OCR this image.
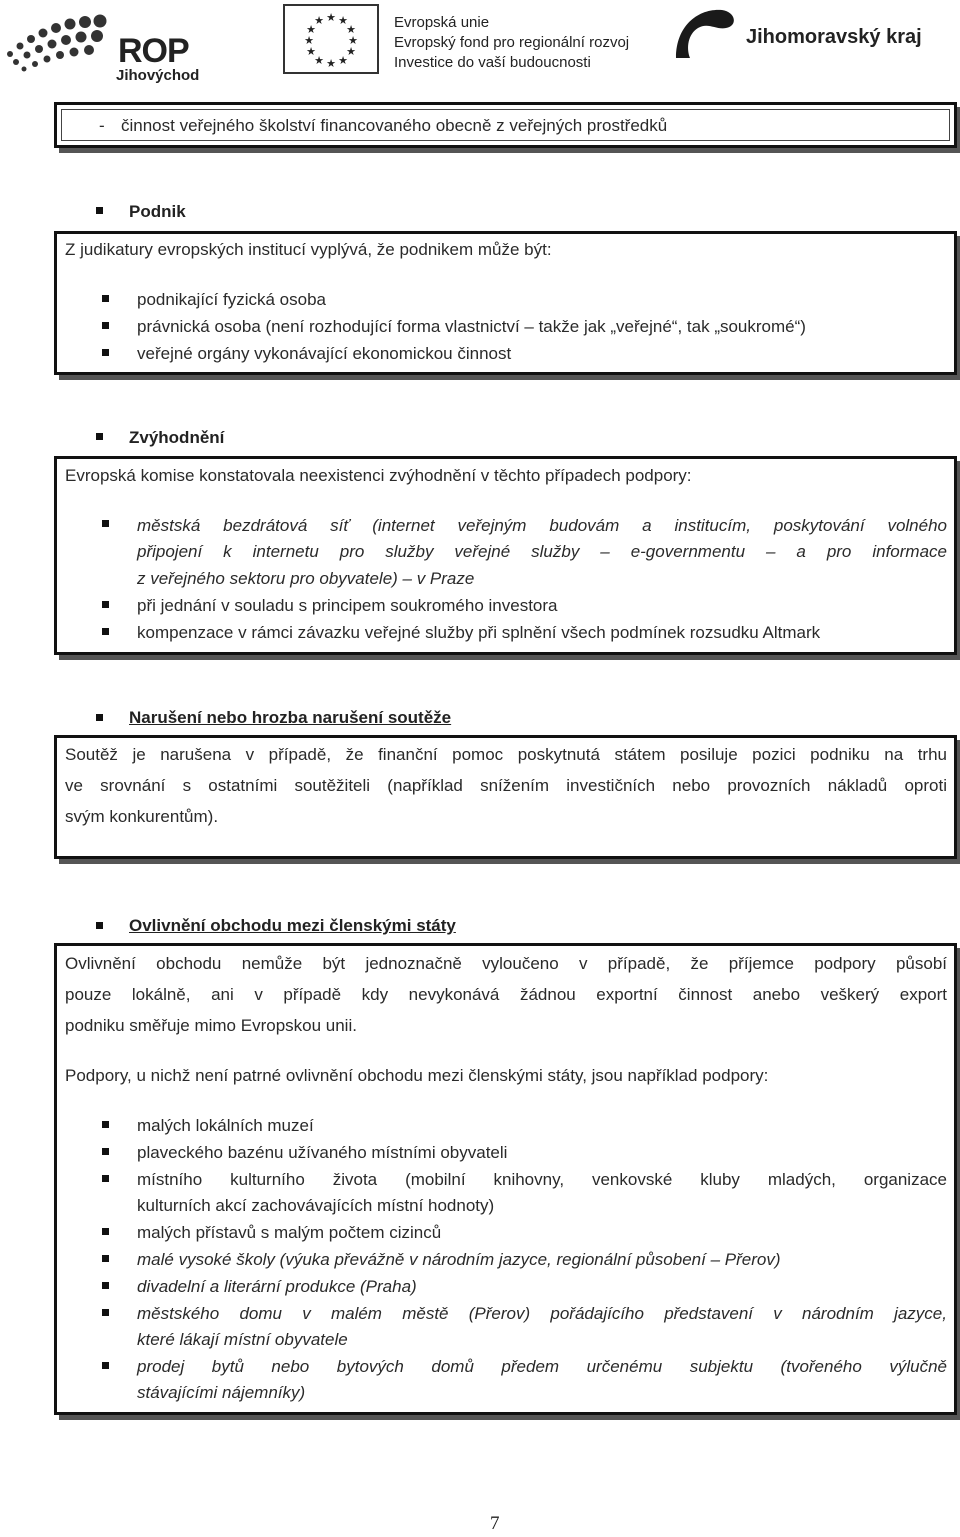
ROP
Jihovýchod
★ ★
★
★
★
★
★
★
★
★
★
★	Evropská unie
Evropský fond pro regionální rozvoj
Investice do vaší budoucnosti
Jihomoravský kraj
- činnost veřejného školství financovaného obecně z veřejných prostředků
Podnik
Z judikatury evropských institucí vyplývá, že podnikem může být:
podnikající fyzická osoba
právnická osoba (není rozhodující forma vlastnictví – takže jak „veřejné“, tak „soukromé“)
veřejné orgány vykonávající ekonomickou činnost
Zvýhodnění
Evropská komise konstatovala neexistenci zvýhodnění v těchto případech podpory:
městská bezdrátová síť (internet veřejným budovám a institucím, poskytování volného
připojení k internetu pro služby veřejné služby – e-governmentu – a pro informace
z veřejného sektoru pro obyvatele) – v Praze
při jednání v souladu s principem soukromého investora
kompenzace v rámci závazku veřejné služby při splnění všech podmínek rozsudku Altmark
Narušení nebo hrozba narušení soutěže
Soutěž je narušena v případě, že finanční pomoc poskytnutá státem posiluje pozici podniku na trhu
ve srovnání s ostatními soutěžiteli (například snížením investičních nebo provozních nákladů oproti
svým konkurentům).
Ovlivnění obchodu mezi členskými státy
Ovlivnění obchodu nemůže být jednoznačně vyloučeno v případě, že příjemce podpory působí
pouze lokálně, ani v případě kdy nevykonává žádnou exportní činnost anebo veškerý export
podniku směřuje mimo Evropskou unii.
Podpory, u nichž není patrné ovlivnění obchodu mezi členskými státy, jsou například podpory:
malých lokálních muzeí
plaveckého bazénu užívaného místními obyvateli
místního kulturního života (mobilní knihovny, venkovské kluby mladých, organizace
kulturních akcí zachovávajících místní hodnoty)
malých přístavů s malým počtem cizinců
malé vysoké školy (výuka převážně v národním jazyce, regionální působení – Přerov)
divadelní a literární produkce (Praha)
městského domu v malém městě (Přerov) pořádajícího představení v národním jazyce,
které lákají místní obyvatele
prodej bytů nebo bytových domů předem určenému subjektu (tvořeného výlučně
stávajícími nájemníky)
7
